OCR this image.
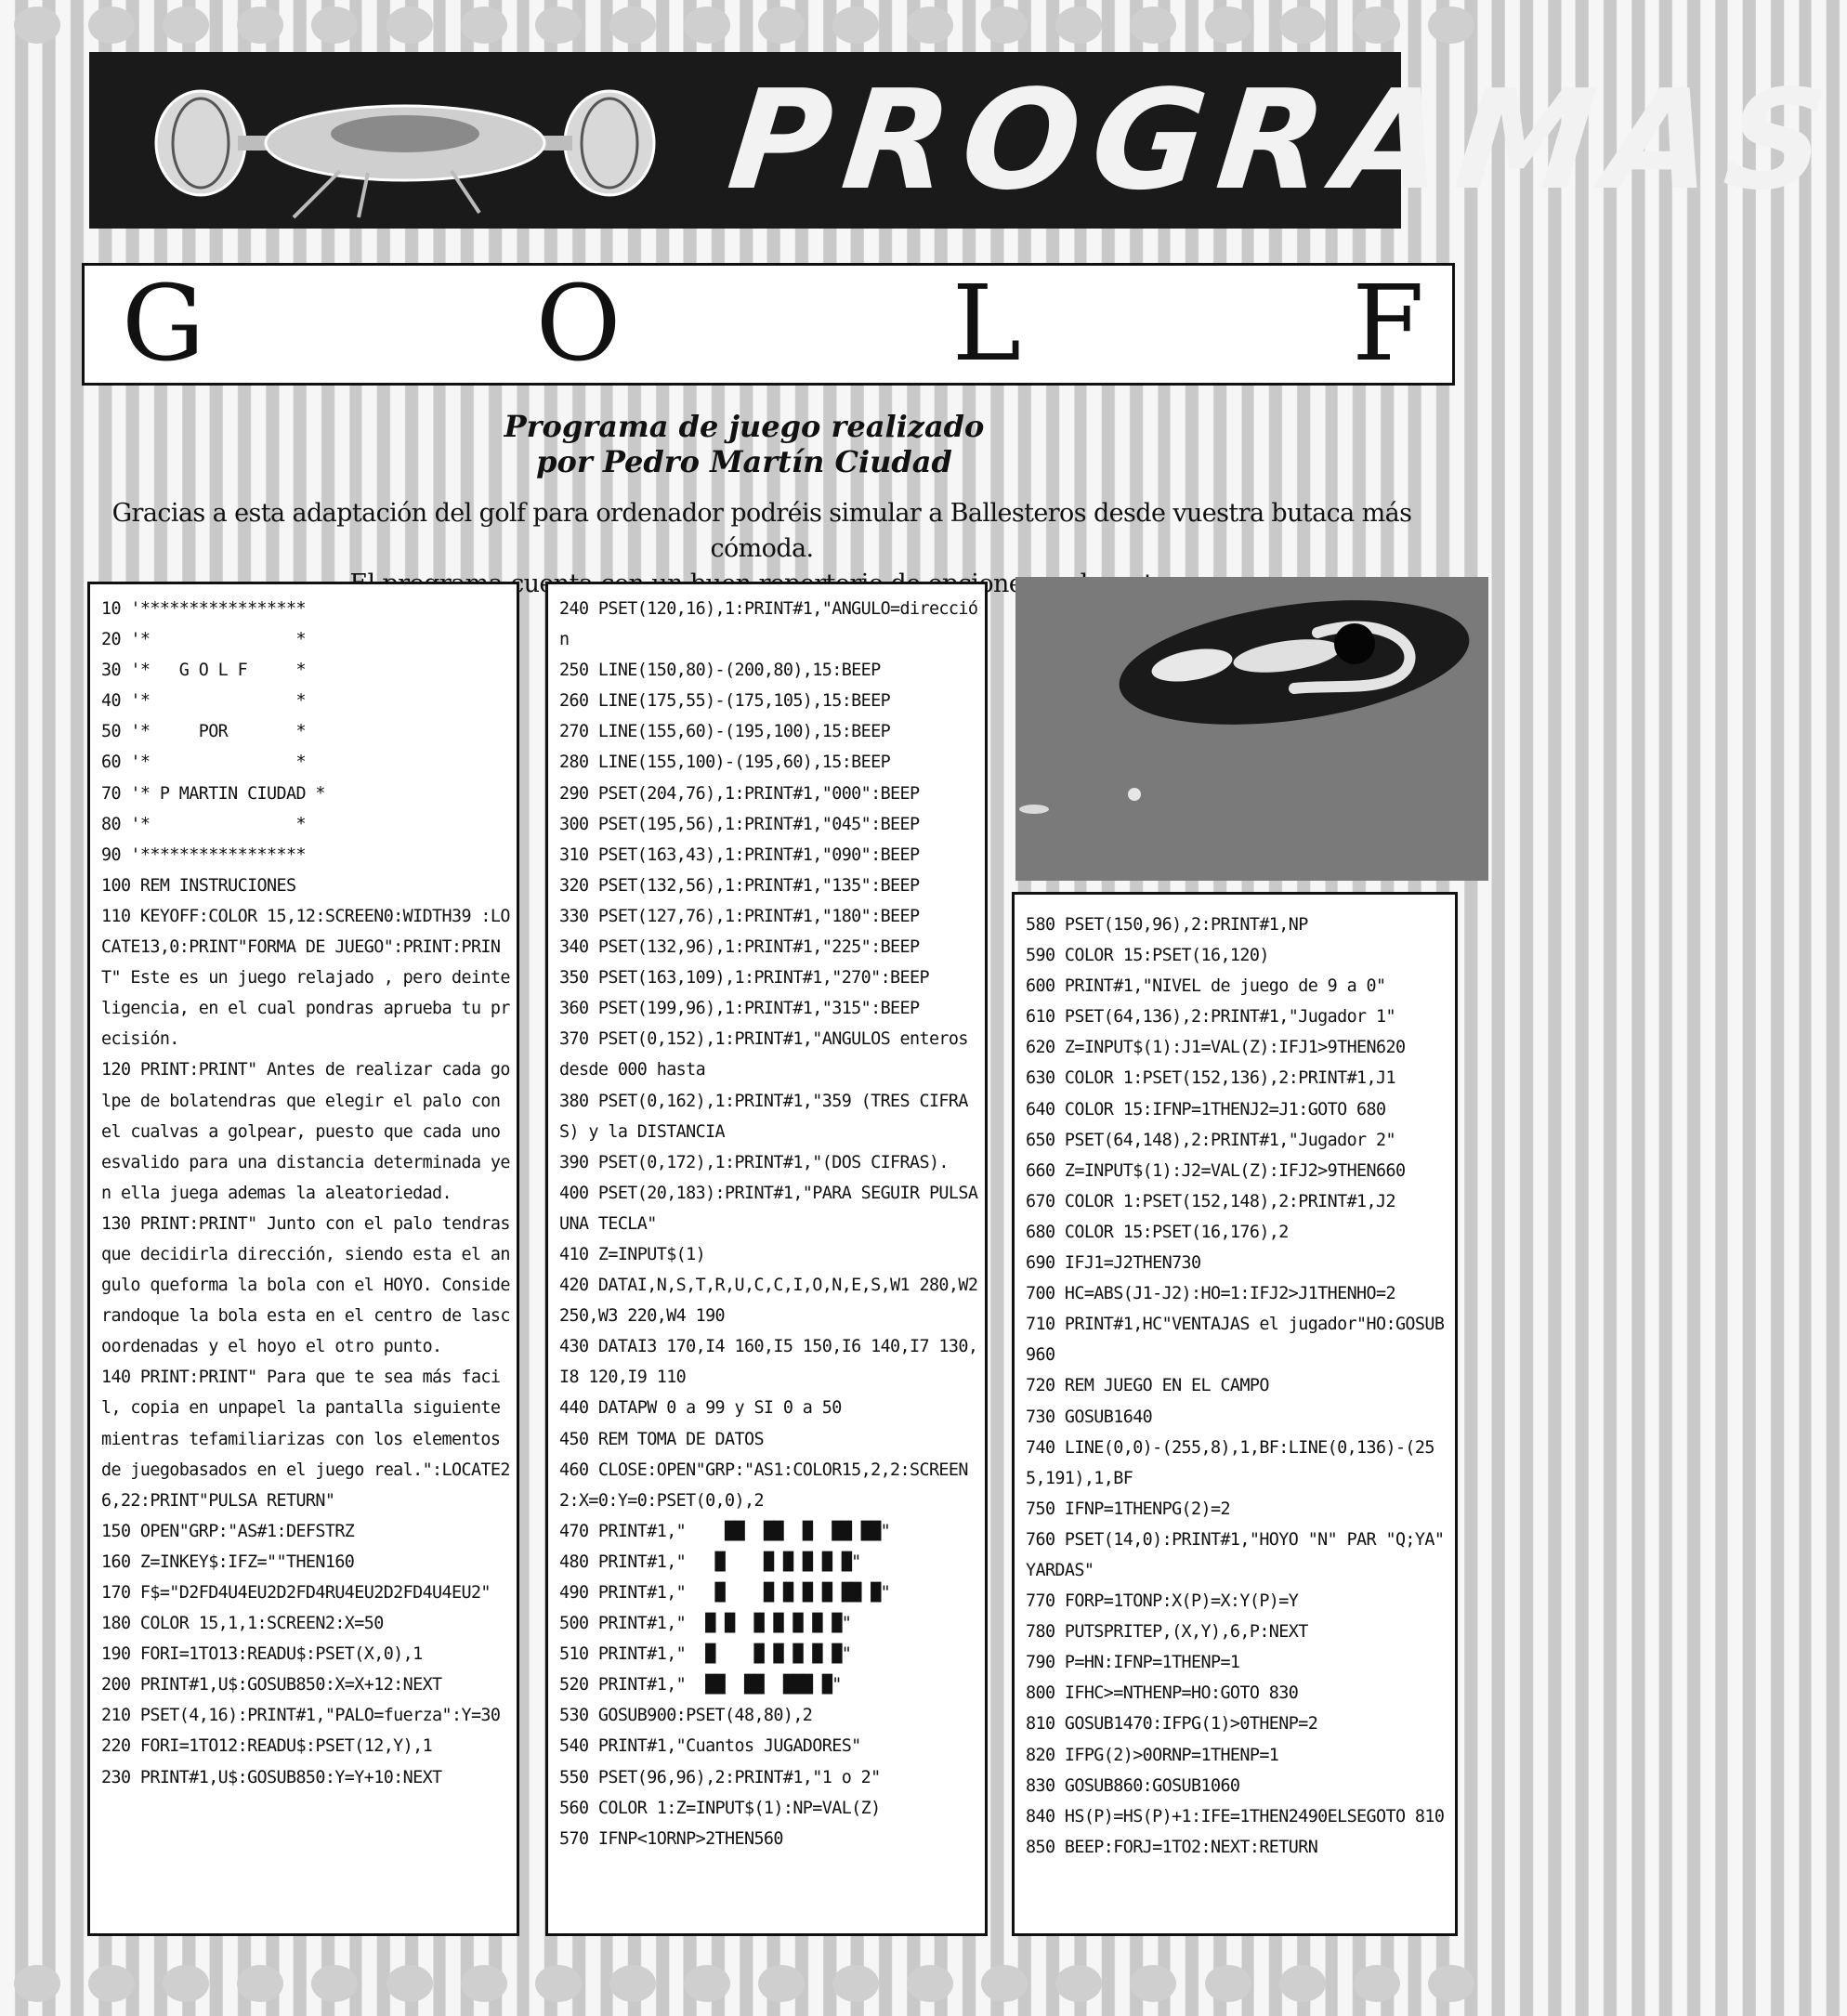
PROGRAMAS
G	O	L	F
Programa de juego realizado
por Pedro Martín Ciudad
Gracias a esta adaptación del golf para ordenador podréis simular a Ballesteros desde vuestra butaca más cómoda.
10 '*****************
20 '*               *
30 '*   G O L F     *
40 '*               *
50 '*     POR       *
60 '*               *
70 '* P MARTIN CIUDAD *
80 '*               *
90 '*****************
100 REM INSTRUCIONES
110 KEYOFF:COLOR 15,12:SCREEN0:WIDTH39 :LOCATE13,0:PRINT"FORMA DE JUEGO":PRINT:PRINT" Este es un juego relajado , pero deinteligencia, en el cual pondras aprueba tu precisión.
120 PRINT:PRINT" Antes de realizar cada golpe de bolatendras que elegir el palo con el cualvas a golpear, puesto que cada uno esvalido para una distancia determinada yen ella juega ademas la aleatoriedad.
130 PRINT:PRINT" Junto con el palo tendras que decidirla dirección, siendo esta el angulo queforma la bola con el HOYO. Considerandoque la bola esta en el centro de lascoordenadas y el hoyo el otro punto.
140 PRINT:PRINT" Para que te sea más facil, copia en unpapel la pantalla siguiente mientras tefamiliarizas con los elementos de juegobasados en el juego real.":LOCATE26,22:PRINT"PULSA RETURN"
150 OPEN"GRP:"AS#1:DEFSTRZ
160 Z=INKEY$:IFZ=""THEN160
170 F$="D2FD4U4EU2D2FD4RU4EU2D2FD4U4EU2"
180 COLOR 15,1,1:SCREEN2:X=50
190 FORI=1TO13:READU$:PSET(X,0),1
200 PRINT#1,U$:GOSUB850:X=X+12:NEXT
210 PSET(4,16):PRINT#1,"PALO=fuerza":Y=30
220 FORI=1TO12:READU$:PSET(12,Y),1
230 PRINT#1,U$:GOSUB850:Y=Y+10:NEXT
240 PSET(120,16),1:PRINT#1,"ANGULO=dirección
250 LINE(150,80)-(200,80),15:BEEP
260 LINE(175,55)-(175,105),15:BEEP
270 LINE(155,60)-(195,100),15:BEEP
280 LINE(155,100)-(195,60),15:BEEP
290 PSET(204,76),1:PRINT#1,"000":BEEP
300 PSET(195,56),1:PRINT#1,"045":BEEP
310 PSET(163,43),1:PRINT#1,"090":BEEP
320 PSET(132,56),1:PRINT#1,"135":BEEP
330 PSET(127,76),1:PRINT#1,"180":BEEP
340 PSET(132,96),1:PRINT#1,"225":BEEP
350 PSET(163,109),1:PRINT#1,"270":BEEP
360 PSET(199,96),1:PRINT#1,"315":BEEP
370 PSET(0,152),1:PRINT#1,"ANGULOS enteros desde 000 hasta
380 PSET(0,162),1:PRINT#1,"359 (TRES CIFRAS) y la DISTANCIA
390 PSET(0,172),1:PRINT#1,"(DOS CIFRAS).
400 PSET(20,183):PRINT#1,"PARA SEGUIR PULSA UNA TECLA"
410 Z=INPUT$(1)
420 DATAI,N,S,T,R,U,C,C,I,O,N,E,S,W1 280,W2 250,W3 220,W4 190
430 DATAI3 170,I4 160,I5 150,I6 140,I7 130,I8 120,I9 110
440 DATAPW 0 a 99 y SI 0 a 50
450 REM TOMA DE DATOS
460 CLOSE:OPEN"GRP:"AS1:COLOR15,2,2:SCREEN2:X=0:Y=0:PSET(0,0),2
470 PRINT#1,"    ██  ██  █  ██ ██"
480 PRINT#1,"   █    █ █ █ █ █"
490 PRINT#1,"   █    █ █ █ █ ██ █"
500 PRINT#1,"  █ █  █ █ █ █ █"
510 PRINT#1,"  █    █ █ █ █ █"
520 PRINT#1,"  ██  ██  ███ █"
530 GOSUB900:PSET(48,80),2
540 PRINT#1,"Cuantos JUGADORES"
550 PSET(96,96),2:PRINT#1,"1 o 2"
560 COLOR 1:Z=INPUT$(1):NP=VAL(Z)
570 IFNP<1ORNP>2THEN560
580 PSET(150,96),2:PRINT#1,NP
590 COLOR 15:PSET(16,120)
600 PRINT#1,"NIVEL de juego de 9 a 0"
610 PSET(64,136),2:PRINT#1,"Jugador 1"
620 Z=INPUT$(1):J1=VAL(Z):IFJ1>9THEN620
630 COLOR 1:PSET(152,136),2:PRINT#1,J1
640 COLOR 15:IFNP=1THENJ2=J1:GOTO 680
650 PSET(64,148),2:PRINT#1,"Jugador 2"
660 Z=INPUT$(1):J2=VAL(Z):IFJ2>9THEN660
670 COLOR 1:PSET(152,148),2:PRINT#1,J2
680 COLOR 15:PSET(16,176),2
690 IFJ1=J2THEN730
700 HC=ABS(J1-J2):HO=1:IFJ2>J1THENHO=2
710 PRINT#1,HC"VENTAJAS el jugador"HO:GOSUB960
720 REM JUEGO EN EL CAMPO
730 GOSUB1640
740 LINE(0,0)-(255,8),1,BF:LINE(0,136)-(255,191),1,BF
750 IFNP=1THENPG(2)=2
760 PSET(14,0):PRINT#1,"HOYO "N" PAR "Q;YA" YARDAS"
770 FORP=1TONP:X(P)=X:Y(P)=Y
780 PUTSPRITEP,(X,Y),6,P:NEXT
790 P=HN:IFNP=1THENP=1
800 IFHC>=NTHENP=HO:GOTO 830
810 GOSUB1470:IFPG(1)>0THENP=2
820 IFPG(2)>0ORNP=1THENP=1
830 GOSUB860:GOSUB1060
840 HS(P)=HS(P)+1:IFE=1THEN2490ELSEGOTO 810
850 BEEP:FORJ=1TO2:NEXT:RETURN
